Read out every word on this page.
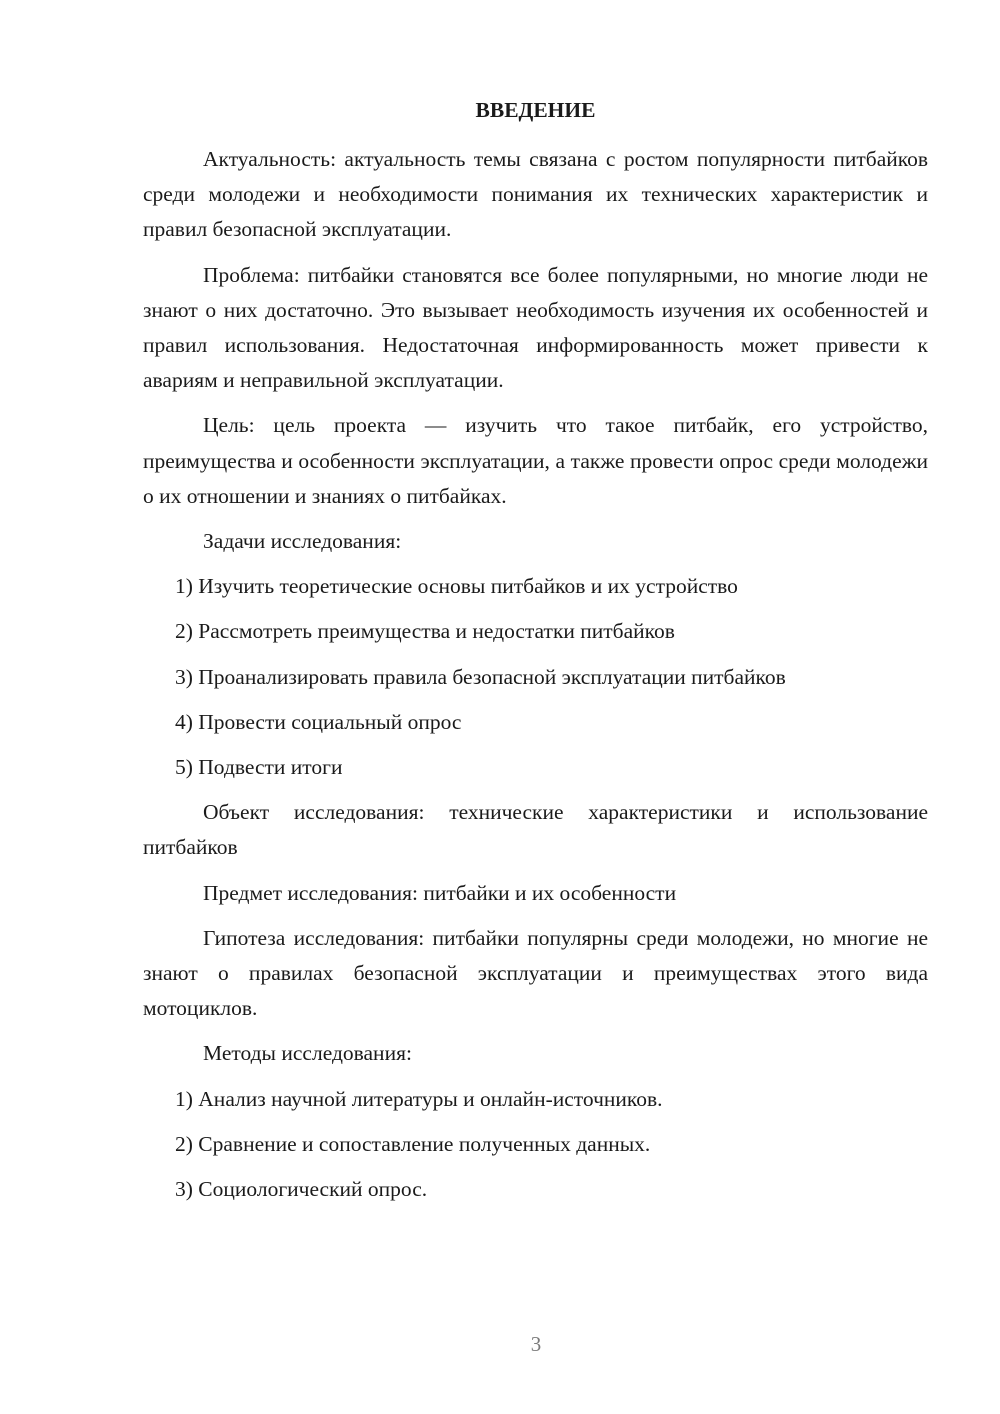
ВВЕДЕНИЕ
Актуальность: актуальность темы связана с ростом популярности питбайков среди молодежи и необходимости понимания их технических характеристик и правил безопасной эксплуатации.
Проблема: питбайки становятся все более популярными, но многие люди не знают о них достаточно. Это вызывает необходимость изучения их особенностей и правил использования. Недостаточная информированность может привести к авариям и неправильной эксплуатации.
Цель: цель проекта — изучить что такое питбайк, его устройство, преимущества и особенности эксплуатации, а также провести опрос среди молодежи о их отношении и знаниях о питбайках.
Задачи исследования:
1) Изучить теоретические основы питбайков и их устройство
2) Рассмотреть преимущества и недостатки питбайков
3) Проанализировать правила безопасной эксплуатации питбайков
4) Провести социальный опрос
5) Подвести итоги
Объект исследования: технические характеристики и использование питбайков
Предмет исследования: питбайки и их особенности
Гипотеза исследования: питбайки популярны среди молодежи, но многие не знают о правилах безопасной эксплуатации и преимуществах этого вида мотоциклов.
Методы исследования:
1) Анализ научной литературы и онлайн-источников.
2) Сравнение и сопоставление полученных данных.
3) Социологический опрос.
3
